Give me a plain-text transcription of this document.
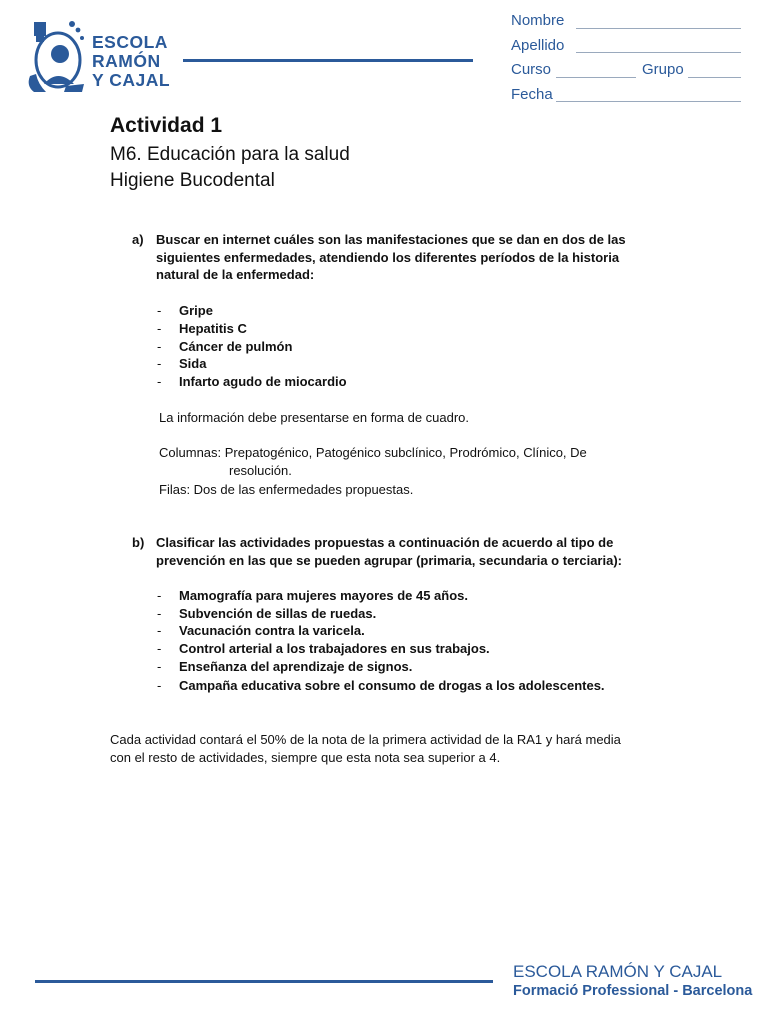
ESCOLA
RAMÓN
Y CAJAL
Nombre
Apellido
Curso	Grupo
Fecha
Actividad 1
M6. Educación para la salud
Higiene Bucodental
a) Buscar en internet cuáles son las manifestaciones que se dan en dos de las
siguientes enfermedades, atendiendo los diferentes períodos de la historia
natural de la enfermedad:
- Gripe
- Hepatitis C
- Cáncer de pulmón
- Sida
- Infarto agudo de miocardio
La información debe presentarse en forma de cuadro.
Columnas: Prepatogénico, Patogénico subclínico, Prodrómico, Clínico, De
resolución.
Filas: Dos de las enfermedades propuestas.
b) Clasificar las actividades propuestas a continuación de acuerdo al tipo de
prevención en las que se pueden agrupar (primaria, secundaria o terciaria):
- Mamografía para mujeres mayores de 45 años.
- Subvención de sillas de ruedas.
- Vacunación contra la varicela.
- Control arterial a los trabajadores en sus trabajos.
- Enseñanza del aprendizaje de signos.
- Campaña educativa sobre el consumo de drogas a los adolescentes.
Cada actividad contará el 50% de la nota de la primera actividad de la RA1 y hará media
con el resto de actividades, siempre que esta nota sea superior a 4.
ESCOLA RAMÓN Y CAJAL
Formació Professional - Barcelona
